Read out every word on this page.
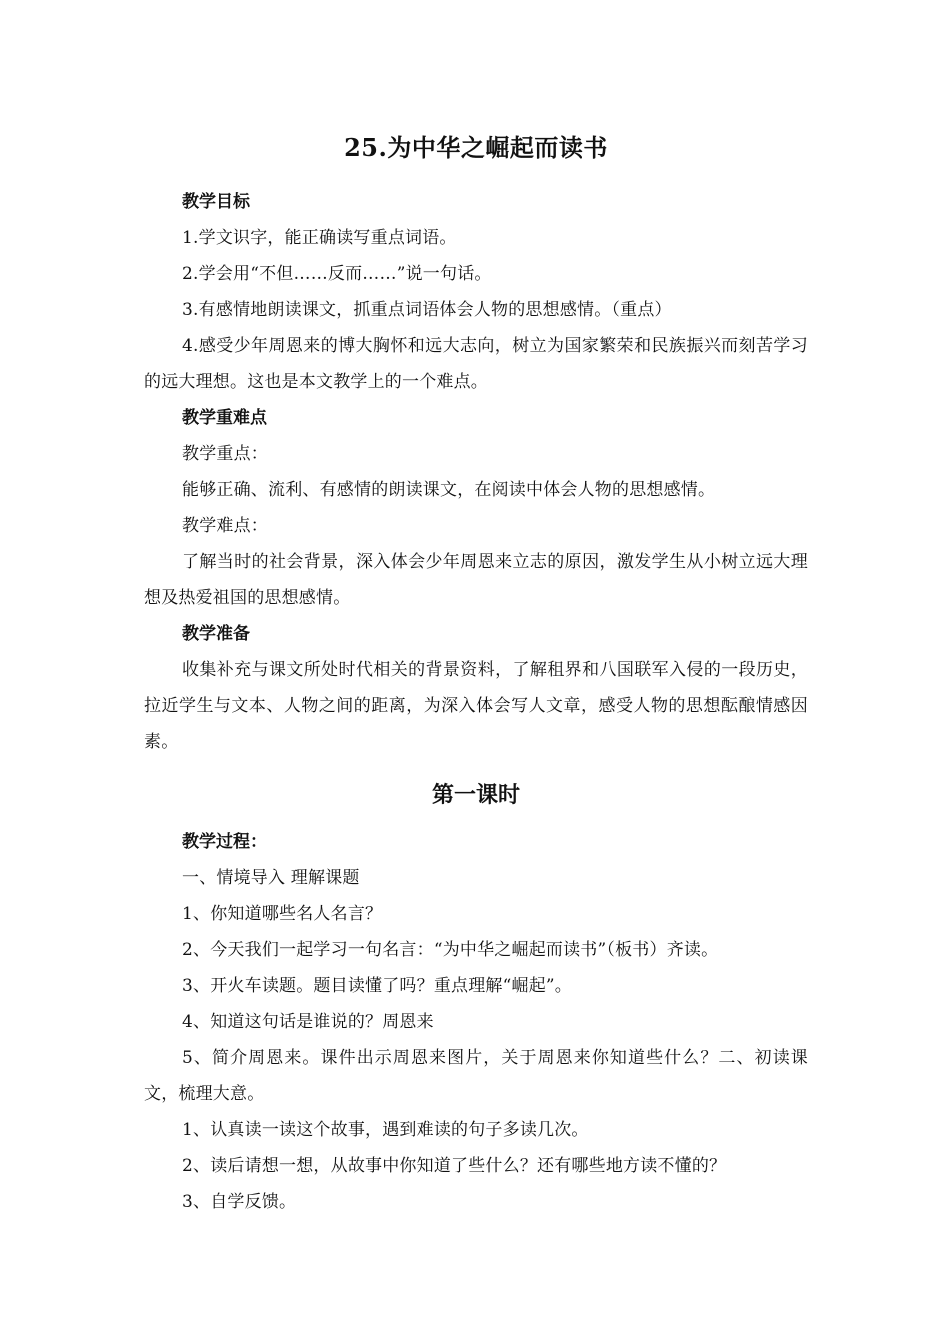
25.为中华之崛起而读书

教学目标

1.学文识字，能正确读写重点词语。

2.学会用“不但……反而……”说一句话。

3.有感情地朗读课文，抓重点词语体会人物的思想感情。（重点）

4.感受少年周恩来的博大胸怀和远大志向，树立为国家繁荣和民族振兴而刻苦学习的远大理想。这也是本文教学上的一个难点。

教学重难点

教学重点：

能够正确、流利、有感情的朗读课文，在阅读中体会人物的思想感情。

教学难点：

了解当时的社会背景，深入体会少年周恩来立志的原因，激发学生从小树立远大理想及热爱祖国的思想感情。

教学准备

收集补充与课文所处时代相关的背景资料，了解租界和八国联军入侵的一段历史，拉近学生与文本、人物之间的距离，为深入体会写人文章，感受人物的思想酝酿情感因素。

第一课时

教学过程：

一、情境导入 理解课题

1、你知道哪些名人名言？

2、今天我们一起学习一句名言：“为中华之崛起而读书”（板书）齐读。

3、开火车读题。题目读懂了吗？重点理解“崛起”。

4、知道这句话是谁说的？周恩来

5、简介周恩来。课件出示周恩来图片，关于周恩来你知道些什么？二、初读课文，梳理大意。

1、认真读一读这个故事，遇到难读的句子多读几次。

2、读后请想一想，从故事中你知道了些什么？还有哪些地方读不懂的？

3、自学反馈。
